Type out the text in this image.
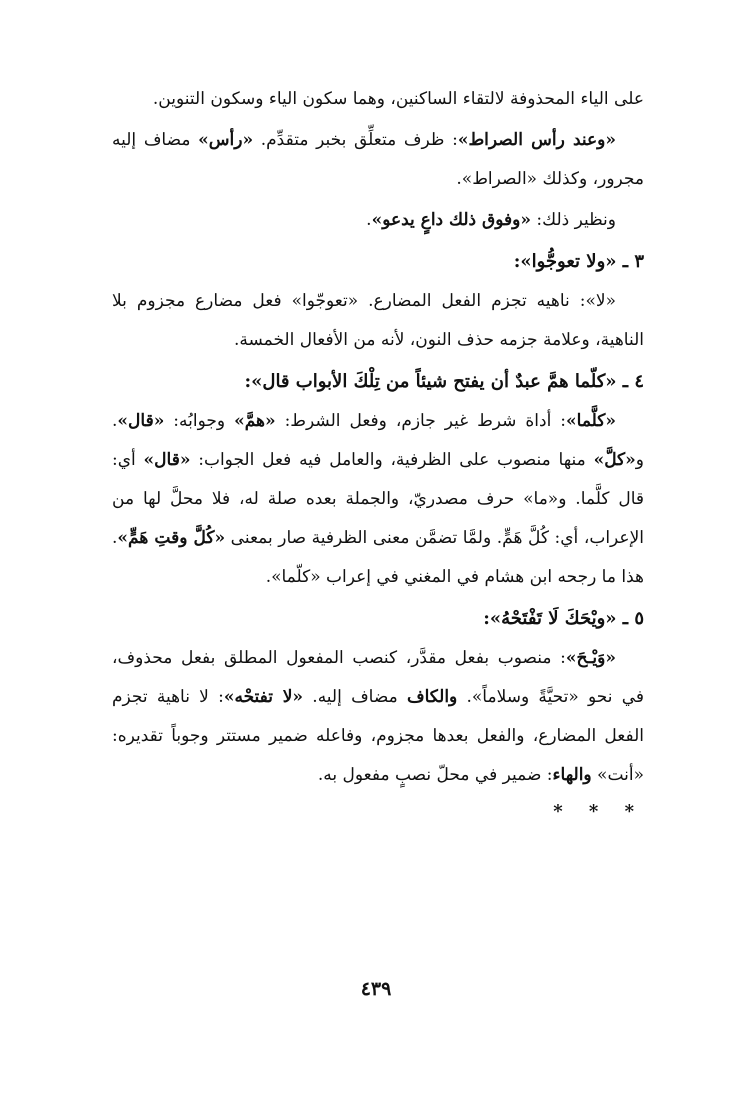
على الياء المحذوفة لالتقاء الساكنين، وهما سكون الياء وسكون التنوين.

«وعند رأس الصراط»: ظرف متعلِّق بخبر متقدِّم. «رأس» مضاف إليه مجرور، وكذلك «الصراط».

ونظير ذلك: «وفوق ذلك داعٍ يدعو».

٣ ـ «ولا تعوجُّوا»:

«لا»: ناهيه تجزم الفعل المضارع. «تعوجّوا» فعل مضارع مجزوم بلا الناهية، وعلامة جزمه حذف النون، لأنه من الأفعال الخمسة.

٤ ـ «كلّما همَّ عبدٌ أن يفتح شيئاً من تِلْكَ الأبواب قال»:

«كلَّما»: أداة شرط غير جازم، وفعل الشرط: «همَّ» وجوابُه: «قال». و«كلَّ» منها منصوب على الظرفية، والعامل فيه فعل الجواب: «قال» أي: قال كلَّما. و«ما» حرف مصدريّ، والجملة بعده صلة له، فلا محلَّ لها من الإعراب، أي: كُلَّ هَمٍّ. ولمَّا تضمَّن معنى الظرفية صار بمعنى «كُلَّ وقتِ هَمٍّ». هذا ما رجحه ابن هشام في المغني في إعراب «كلّما».

٥ ـ «ويْحَكَ لَا تَفْتَحْهُ»:

«وَيْـحَ»: منصوب بفعل مقدَّر، كنصب المفعول المطلق بفعل محذوف، في نحو «تحيَّةً وسلاماً». والكاف مضاف إليه. «لا تفتحْه»: لا ناهية تجزم الفعل المضارع، والفعل بعدها مجزوم، وفاعله ضمير مستتر وجوباً تقديره: «أنت» والهاء: ضمير في محلّ نصبٍ مفعول به.

* * *
٤٣٩
